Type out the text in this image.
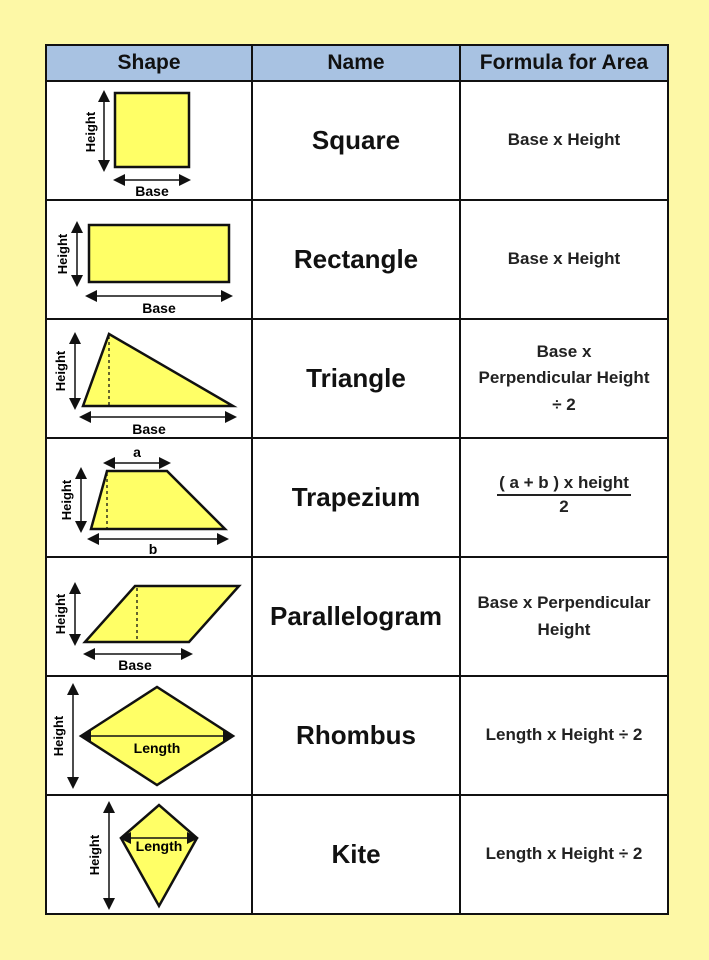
Shape	Name	Formula for Area

Height
Base	Square	Base x Height

Height
Base	Rectangle	Base x Height

Height
Base	Triangle	Base x
Perpendicular Height
÷ 2

a
Height
b	Trapezium	$\frac{\text{( a + b ) x height}}{2}$

Height
Base	Parallelogram	Base x Perpendicular
Height

Length
Height	Rhombus	Length x Height ÷ 2

Length
Height	Kite	Length x Height ÷ 2
